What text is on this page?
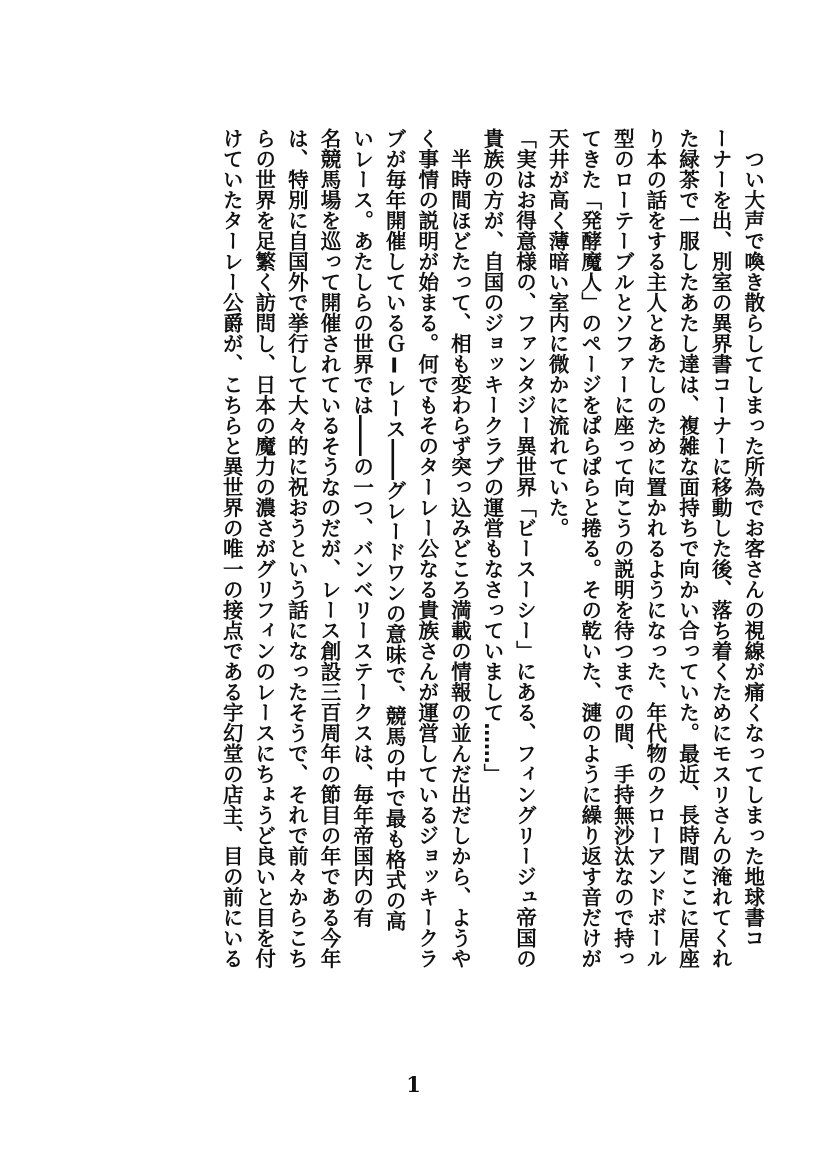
　つい大声で喚き散らしてしまった所為でお客さんの視線が痛くなってしまった地球書コ
ーナーを出、別室の異界書コーナーに移動した後、落ち着くためにモスリさんの淹れてくれ
た緑茶で一服したあたし達は、複雑な面持ちで向かい合っていた。最近、長時間ここに居座
り本の話をする主人とあたしのために置かれるようになった、年代物のクローアンドボール
型のローテーブルとソファーに座って向こうの説明を待つまでの間、手持無沙汰なので持っ
てきた「発酵魔人」のページをぱらぱらと捲る。その乾いた、漣のように繰り返す音だけが
天井が高く薄暗い室内に微かに流れていた。
「実はお得意様の、ファンタジー異世界「ビースーシー」にある、フィングリージュ帝国の
貴族の方が、自国のジョッキークラブの運営もなさっていまして……」
　半時間ほどたって、相も変わらず突っ込みどころ満載の情報の並んだ出だしから、ようや
く事情の説明が始まる。何でもそのターレー公なる貴族さんが運営しているジョッキークラ
ブが毎年開催しているＧⅠレース――グレードワンの意味で、競馬の中で最も格式の高
いレース。あたしらの世界では――の一つ、バンベリーステークスは、毎年帝国内の有
名競馬場を巡って開催されているそうなのだが、レース創設三百周年の節目の年である今年
は、特別に自国外で挙行して大々的に祝おうという話になったそうで、それで前々からこち
らの世界を足繁く訪問し、日本の魔力の濃さがグリフィンのレースにちょうど良いと目を付
けていたターレー公爵が、こちらと異世界の唯一の接点である宇幻堂の店主、目の前にいる
1
